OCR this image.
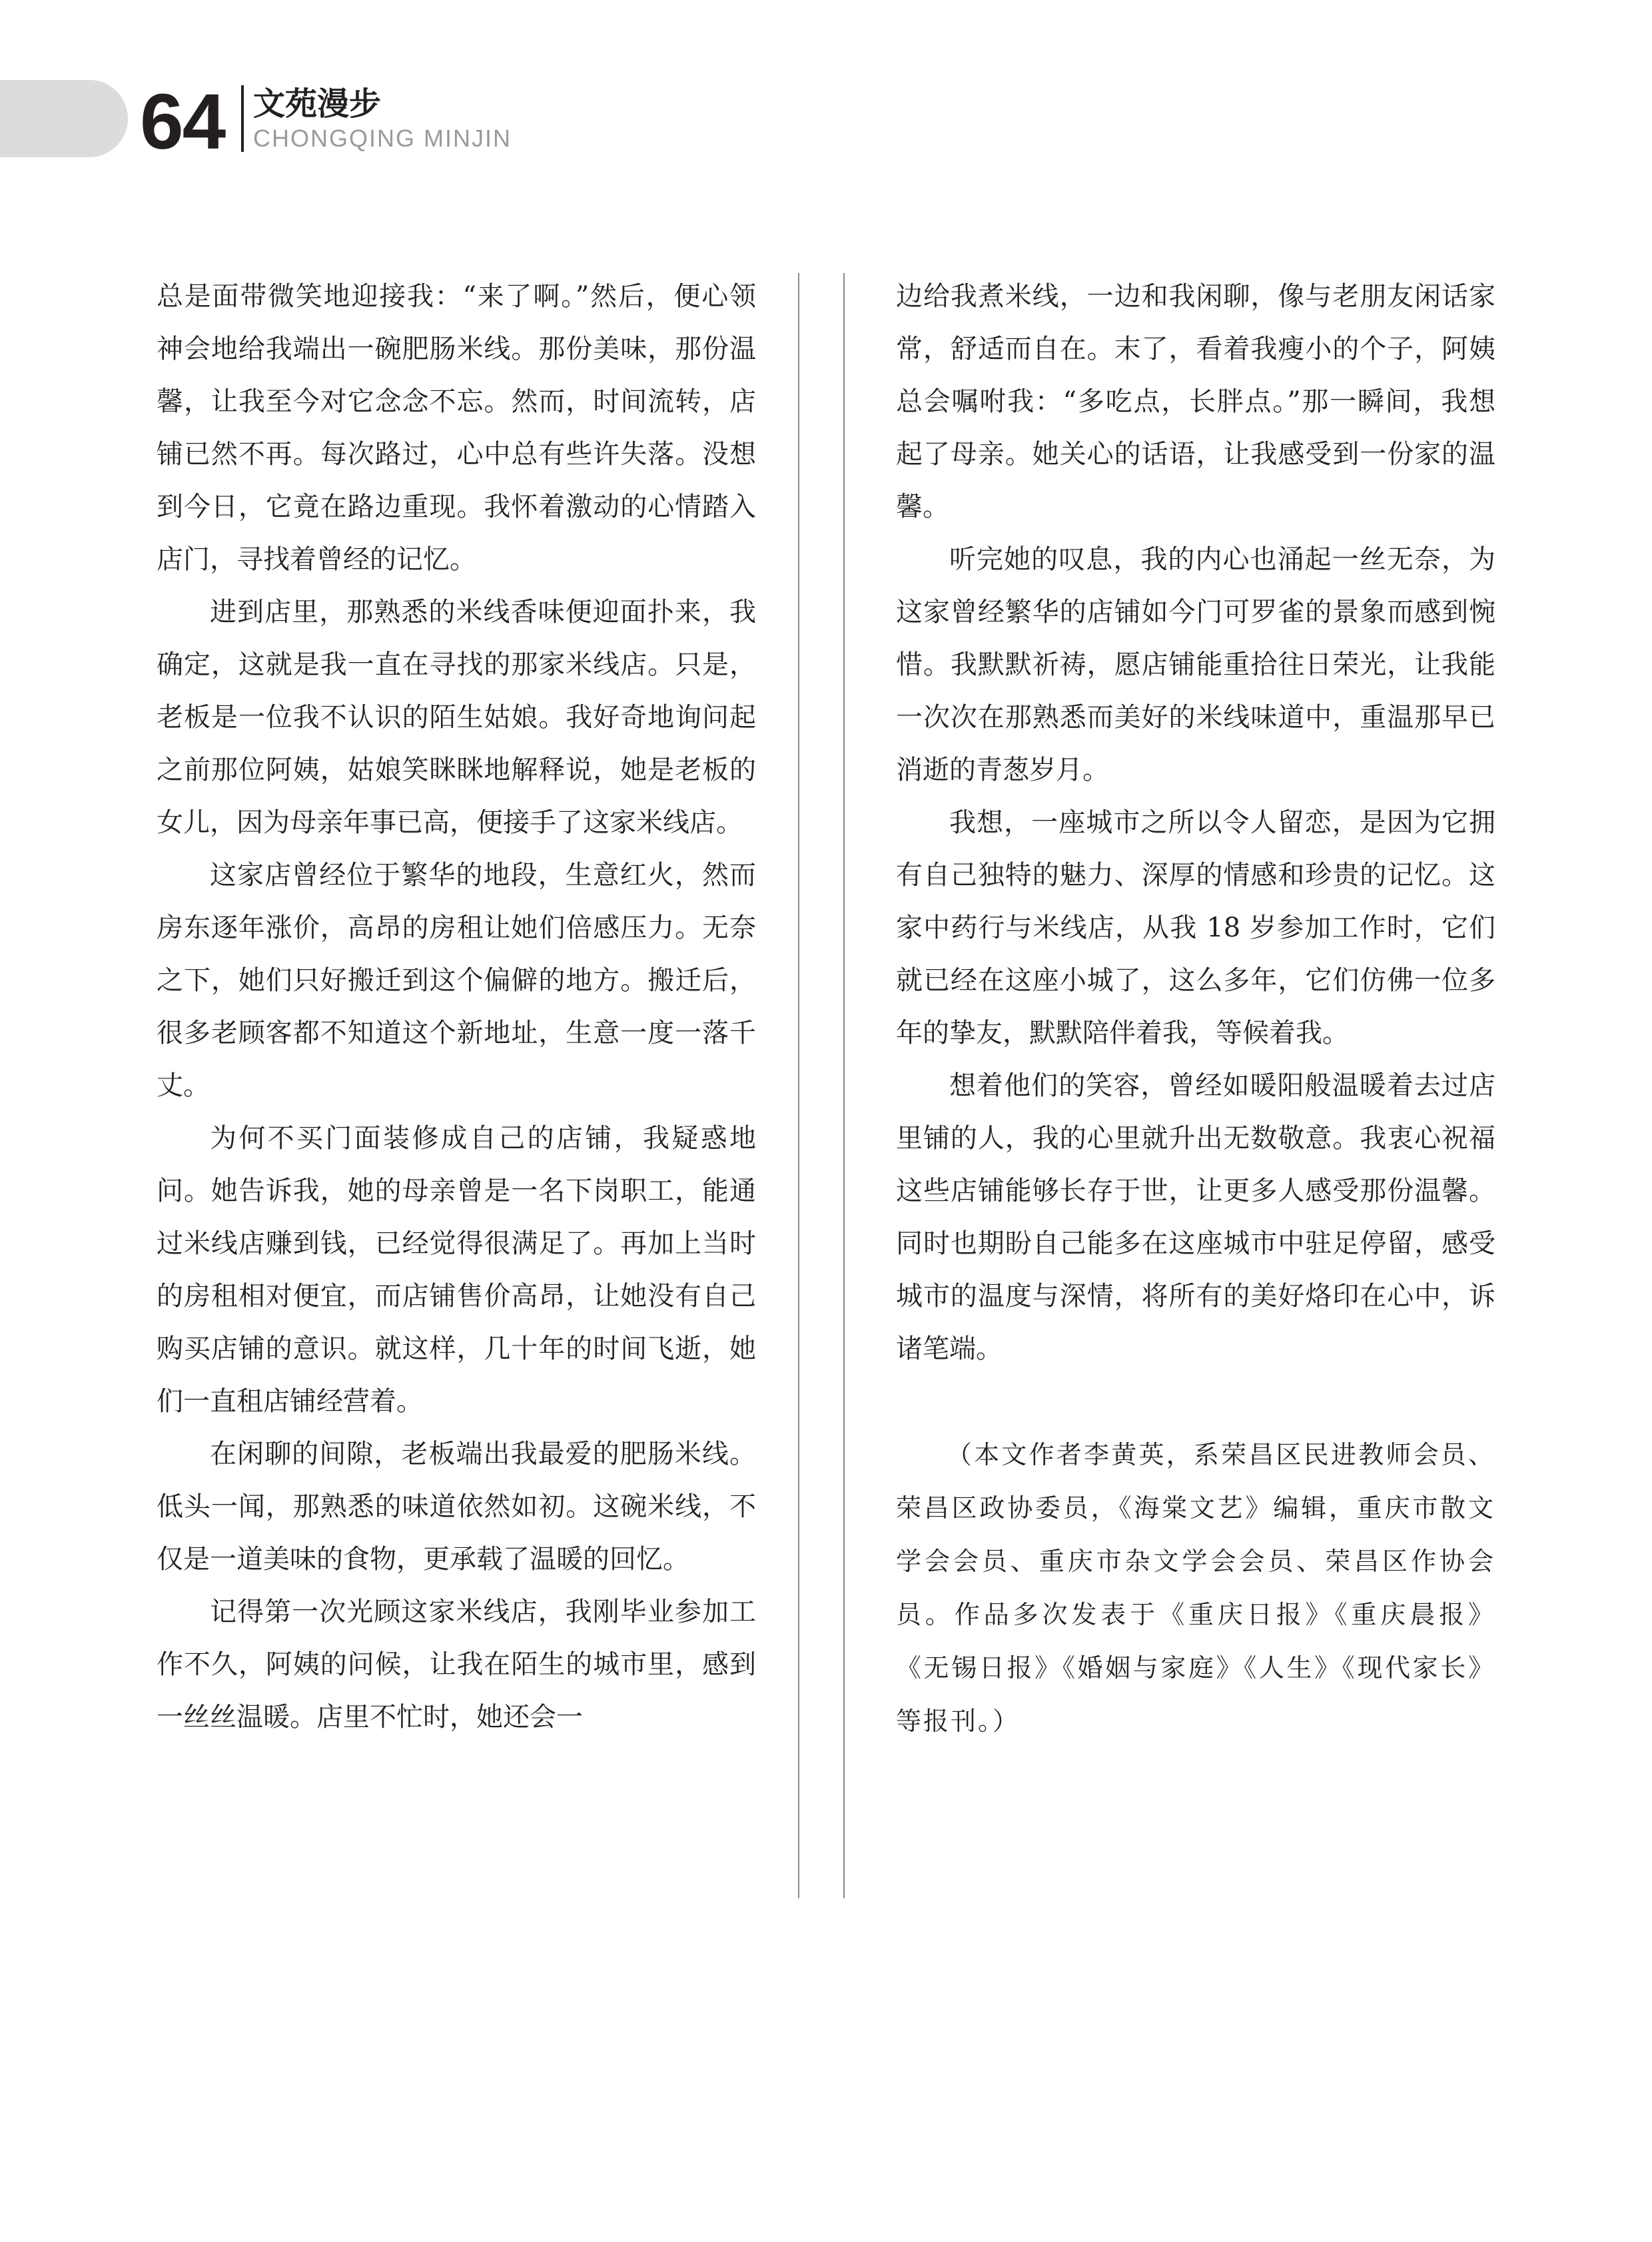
64 文苑漫步
CHONGQING MINJIN

总是面带微笑地迎接我：“来了啊。”然后，便心领神会地给我端出一碗肥肠米线。那份美味，那份温馨，让我至今对它念念不忘。然而，时间流转，店铺已然不再。每次路过，心中总有些许失落。没想到今日，它竟在路边重现。我怀着激动的心情踏入店门，寻找着曾经的记忆。

进到店里，那熟悉的米线香味便迎面扑来，我确定，这就是我一直在寻找的那家米线店。只是，老板是一位我不认识的陌生姑娘。我好奇地询问起之前那位阿姨，姑娘笑眯眯地解释说，她是老板的女儿，因为母亲年事已高，便接手了这家米线店。

这家店曾经位于繁华的地段，生意红火，然而房东逐年涨价，高昂的房租让她们倍感压力。无奈之下，她们只好搬迁到这个偏僻的地方。搬迁后，很多老顾客都不知道这个新地址，生意一度一落千丈。

为何不买门面装修成自己的店铺，我疑惑地问。她告诉我，她的母亲曾是一名下岗职工，能通过米线店赚到钱，已经觉得很满足了。再加上当时的房租相对便宜，而店铺售价高昂，让她没有自己购买店铺的意识。就这样，几十年的时间飞逝，她们一直租店铺经营着。

在闲聊的间隙，老板端出我最爱的肥肠米线。低头一闻，那熟悉的味道依然如初。这碗米线，不仅是一道美味的食物，更承载了温暖的回忆。

记得第一次光顾这家米线店，我刚毕业参加工作不久，阿姨的问候，让我在陌生的城市里，感到一丝丝温暖。店里不忙时，她还会一

边给我煮米线，一边和我闲聊，像与老朋友闲话家常，舒适而自在。末了，看着我瘦小的个子，阿姨总会嘱咐我：“多吃点，长胖点。”那一瞬间，我想起了母亲。她关心的话语，让我感受到一份家的温馨。

听完她的叹息，我的内心也涌起一丝无奈，为这家曾经繁华的店铺如今门可罗雀的景象而感到惋惜。我默默祈祷，愿店铺能重拾往日荣光，让我能一次次在那熟悉而美好的米线味道中，重温那早已消逝的青葱岁月。

我想，一座城市之所以令人留恋，是因为它拥有自己独特的魅力、深厚的情感和珍贵的记忆。这家中药行与米线店，从我 18 岁参加工作时，它们就已经在这座小城了，这么多年，它们仿佛一位多年的挚友，默默陪伴着我，等候着我。

想着他们的笑容，曾经如暖阳般温暖着去过店里铺的人，我的心里就升出无数敬意。我衷心祝福这些店铺能够长存于世，让更多人感受那份温馨。同时也期盼自己能多在这座城市中驻足停留，感受城市的温度与深情，将所有的美好烙印在心中，诉诸笔端。

（本文作者李黄英，系荣昌区民进教师会员、荣昌区政协委员，《海棠文艺》编辑，重庆市散文学会会员、重庆市杂文学会会员、荣昌区作协会员。作品多次发表于《重庆日报》《重庆晨报》《无锡日报》《婚姻与家庭》《人生》《现代家长》等报刊。）
